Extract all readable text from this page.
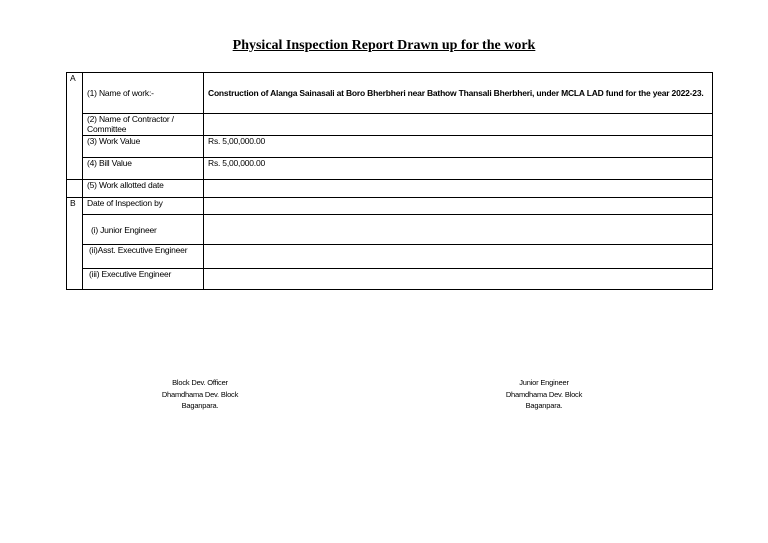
Physical Inspection Report Drawn up for the work
A	(1) Name of work:-	Construction of Alanga Sainasali at Boro Bherbheri near Bathow Thansali Bherbheri, under MCLA LAD fund for the year 2022-23.
	(2) Name of Contractor / Committee	
	(3) Work Value	Rs. 5,00,000.00
	(4) Bill Value	Rs. 5,00,000.00
	(5) Work allotted date	
B	Date of Inspection by	
	(i) Junior Engineer	
	(ii)Asst. Executive Engineer	
	(iii) Executive Engineer	
Block Dev. Officer
Dhamdhama Dev. Block
Baganpara.
Junior Engineer
Dhamdhama Dev. Block
Baganpara.
